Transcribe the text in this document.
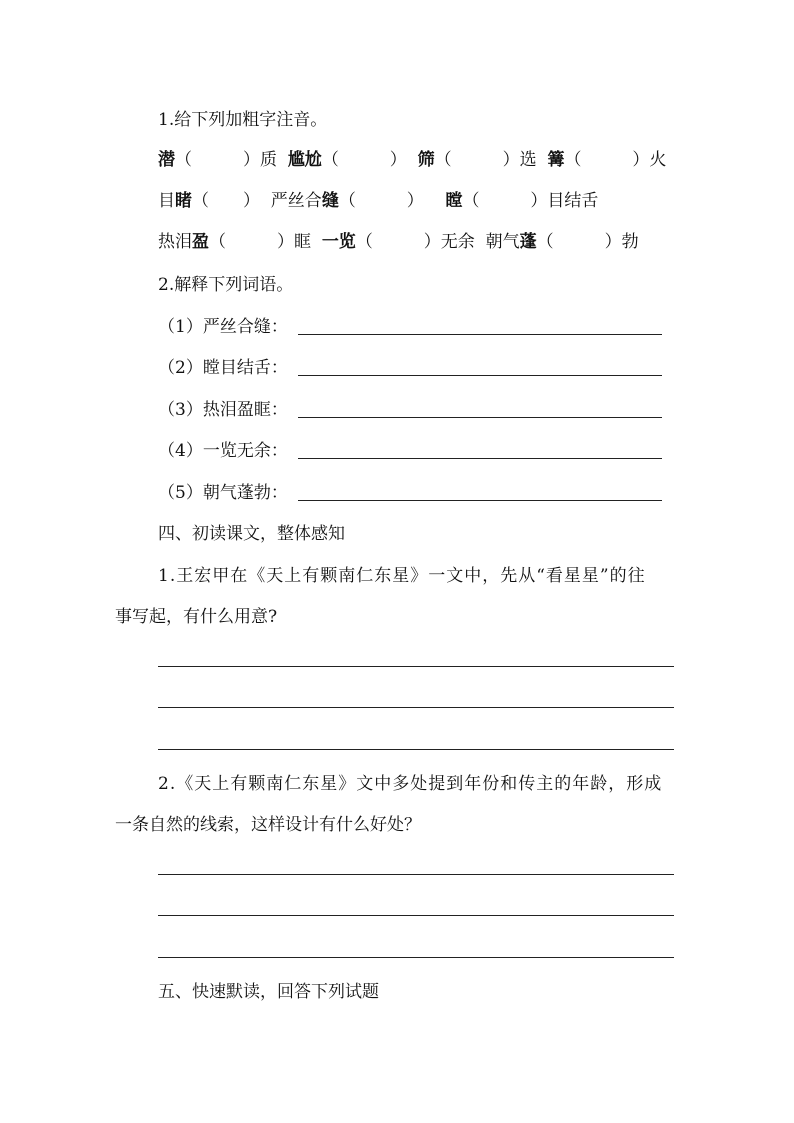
1.给下列加粗字注音。
潜（　　　）质  尴尬（　　　）  筛（　　　）选  篝（　　　）火
目睹（　　）  严丝合缝（　　　）    瞠（　　　）目结舌
热泪盈（　　　）眶  一览（　　　）无余  朝气蓬（　　　）勃
2.解释下列词语。
（1）严丝合缝：
（2）瞠目结舌：
（3）热泪盈眶：
（4）一览无余：
（5）朝气蓬勃：
四、初读课文，整体感知
1.王宏甲在《天上有颗南仁东星》一文中，先从“看星星”的往
事写起，有什么用意?
2.《天上有颗南仁东星》文中多处提到年份和传主的年龄，形成
一条自然的线索，这样设计有什么好处？
五、快速默读，回答下列试题
